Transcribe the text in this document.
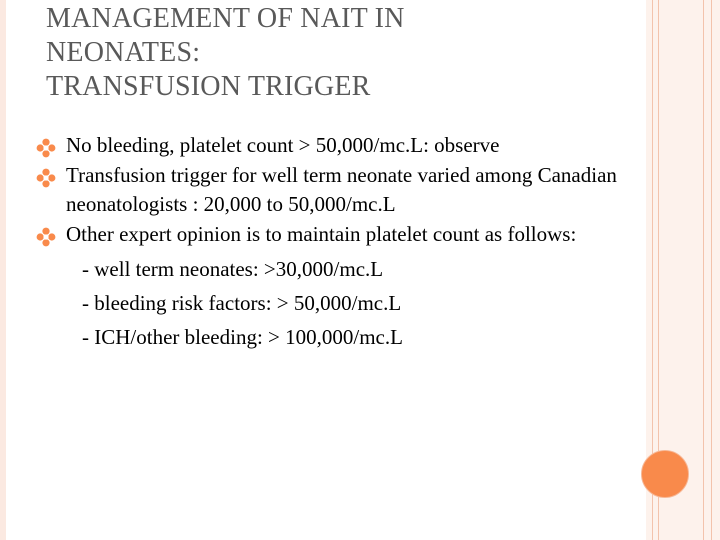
MANAGEMENT OF NAIT IN
NEONATES:
TRANSFUSION TRIGGER
No bleeding, platelet count > 50,000/mc.L: observe
Transfusion trigger for well term neonate varied among Canadian neonatologists : 20,000 to 50,000/mc.L
Other expert opinion is to maintain platelet count as follows:
- well term neonates: >30,000/mc.L
- bleeding risk factors: > 50,000/mc.L
- ICH/other bleeding: > 100,000/mc.L
